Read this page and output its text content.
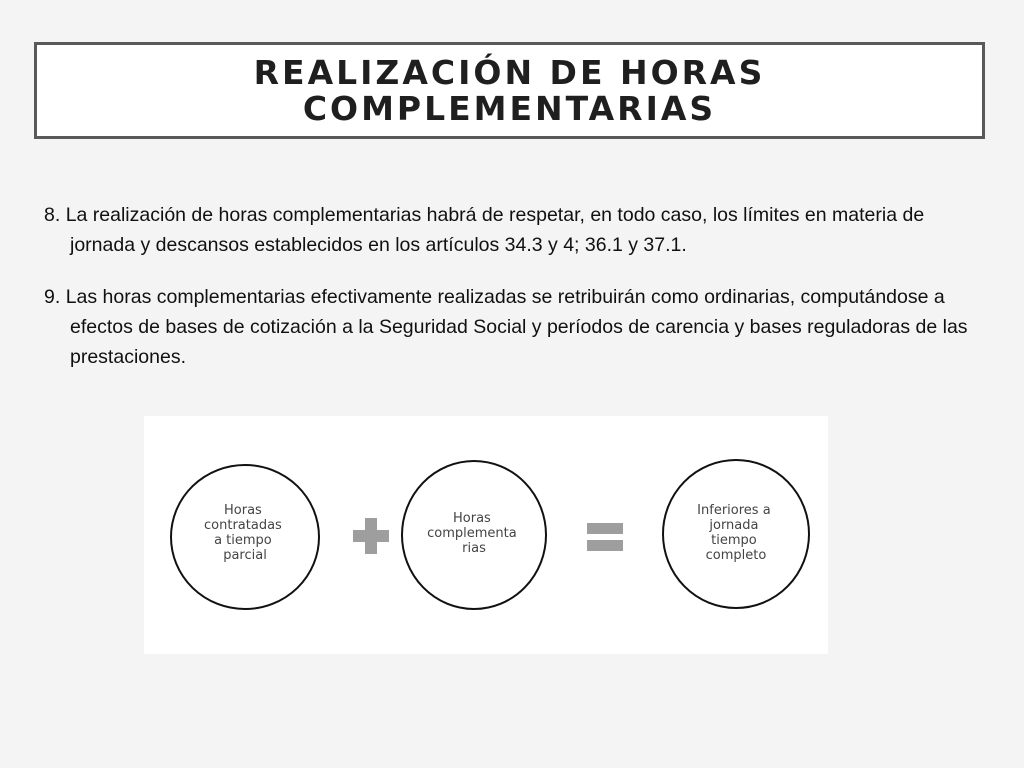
REALIZACIÓN DE HORAS
COMPLEMENTARIAS

8. La realización de horas complementarias habrá de respetar, en todo caso, los límites en materia de jornada y descansos establecidos en los artículos 34.3 y 4; 36.1 y 37.1.

9. Las horas complementarias efectivamente realizadas se retribuirán como ordinarias, computándose a efectos de bases de cotización a la Seguridad Social y períodos de carencia y bases reguladoras de las prestaciones.

Horas contratadas a tiempo parcial
Horas complementa rias
Inferiores a jornada tiempo completo
